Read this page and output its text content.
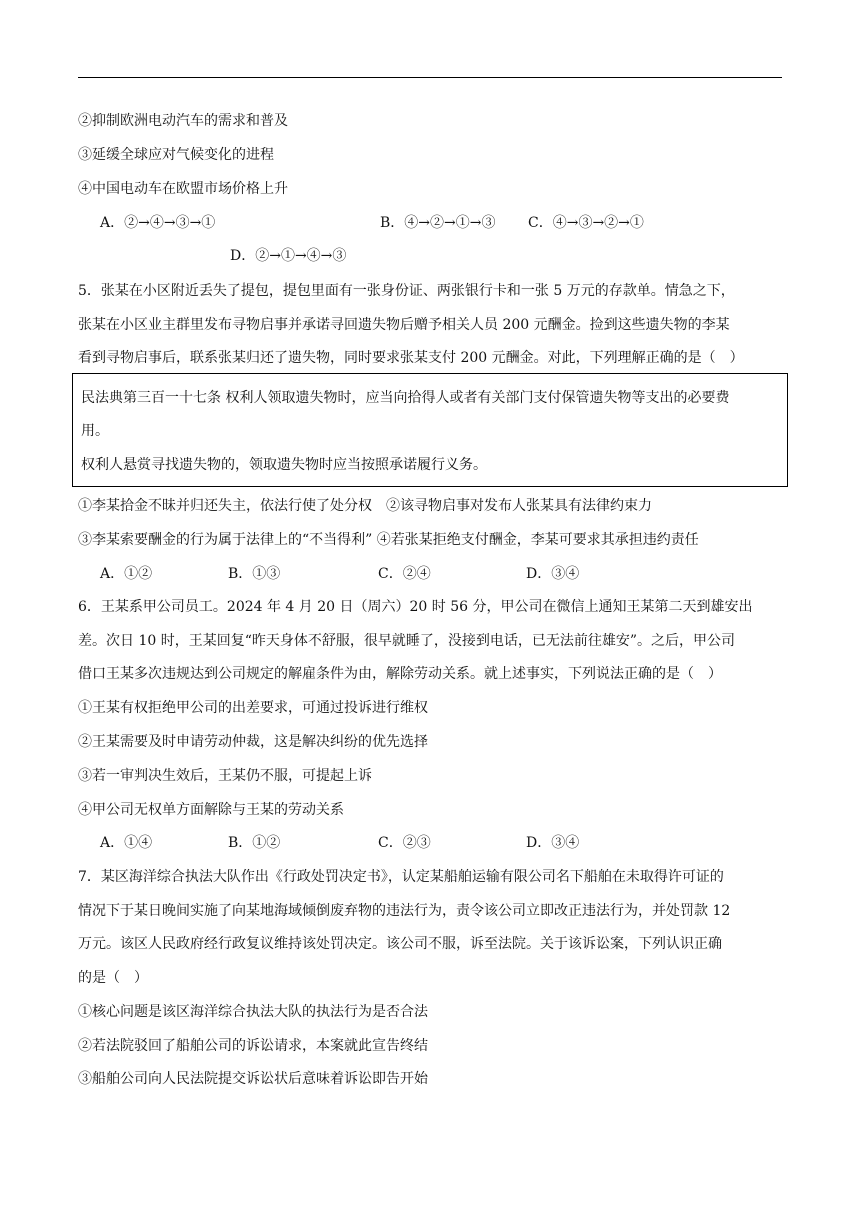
②抑制欧洲电动汽车的需求和普及
③延缓全球应对气候变化的进程
④中国电动车在欧盟市场价格上升
A．②→④→③→①	B．④→②→①→③ C．④→③→②→①
D．②→①→④→③
5．张某在小区附近丢失了提包，提包里面有一张身份证、两张银行卡和一张 5 万元的存款单。情急之下，
张某在小区业主群里发布寻物启事并承诺寻回遗失物后赠予相关人员 200 元酬金。捡到这些遗失物的李某
看到寻物启事后，联系张某归还了遗失物，同时要求张某支付 200 元酬金。对此，下列理解正确的是（　）
民法典第三百一十七条 权利人领取遗失物时，应当向拾得人或者有关部门支付保管遗失物等支出的必要费
用。
权利人悬赏寻找遗失物的，领取遗失物时应当按照承诺履行义务。
①李某拾金不昧并归还失主，依法行使了处分权　②该寻物启事对发布人张某具有法律约束力
③李某索要酬金的行为属于法律上的“不当得利” ④若张某拒绝支付酬金，李某可要求其承担违约责任
A．①②	B．①③	C．②④	D．③④
6．王某系甲公司员工。2024 年 4 月 20 日（周六）20 时 56 分，甲公司在微信上通知王某第二天到雄安出
差。次日 10 时，王某回复“昨天身体不舒服，很早就睡了，没接到电话，已无法前往雄安”。之后，甲公司
借口王某多次违规达到公司规定的解雇条件为由，解除劳动关系。就上述事实，下列说法正确的是（　）
①王某有权拒绝甲公司的出差要求，可通过投诉进行维权
②王某需要及时申请劳动仲裁，这是解决纠纷的优先选择
③若一审判决生效后，王某仍不服，可提起上诉
④甲公司无权单方面解除与王某的劳动关系
A．①④	B．①②	C．②③	D．③④
7．某区海洋综合执法大队作出《行政处罚决定书》，认定某船舶运输有限公司名下船舶在未取得许可证的
情况下于某日晚间实施了向某地海域倾倒废弃物的违法行为，责令该公司立即改正违法行为，并处罚款 12
万元。该区人民政府经行政复议维持该处罚决定。该公司不服，诉至法院。关于该诉讼案，下列认识正确
的是（　）
①核心问题是该区海洋综合执法大队的执法行为是否合法
②若法院驳回了船舶公司的诉讼请求，本案就此宣告终结
③船舶公司向人民法院提交诉讼状后意味着诉讼即告开始
